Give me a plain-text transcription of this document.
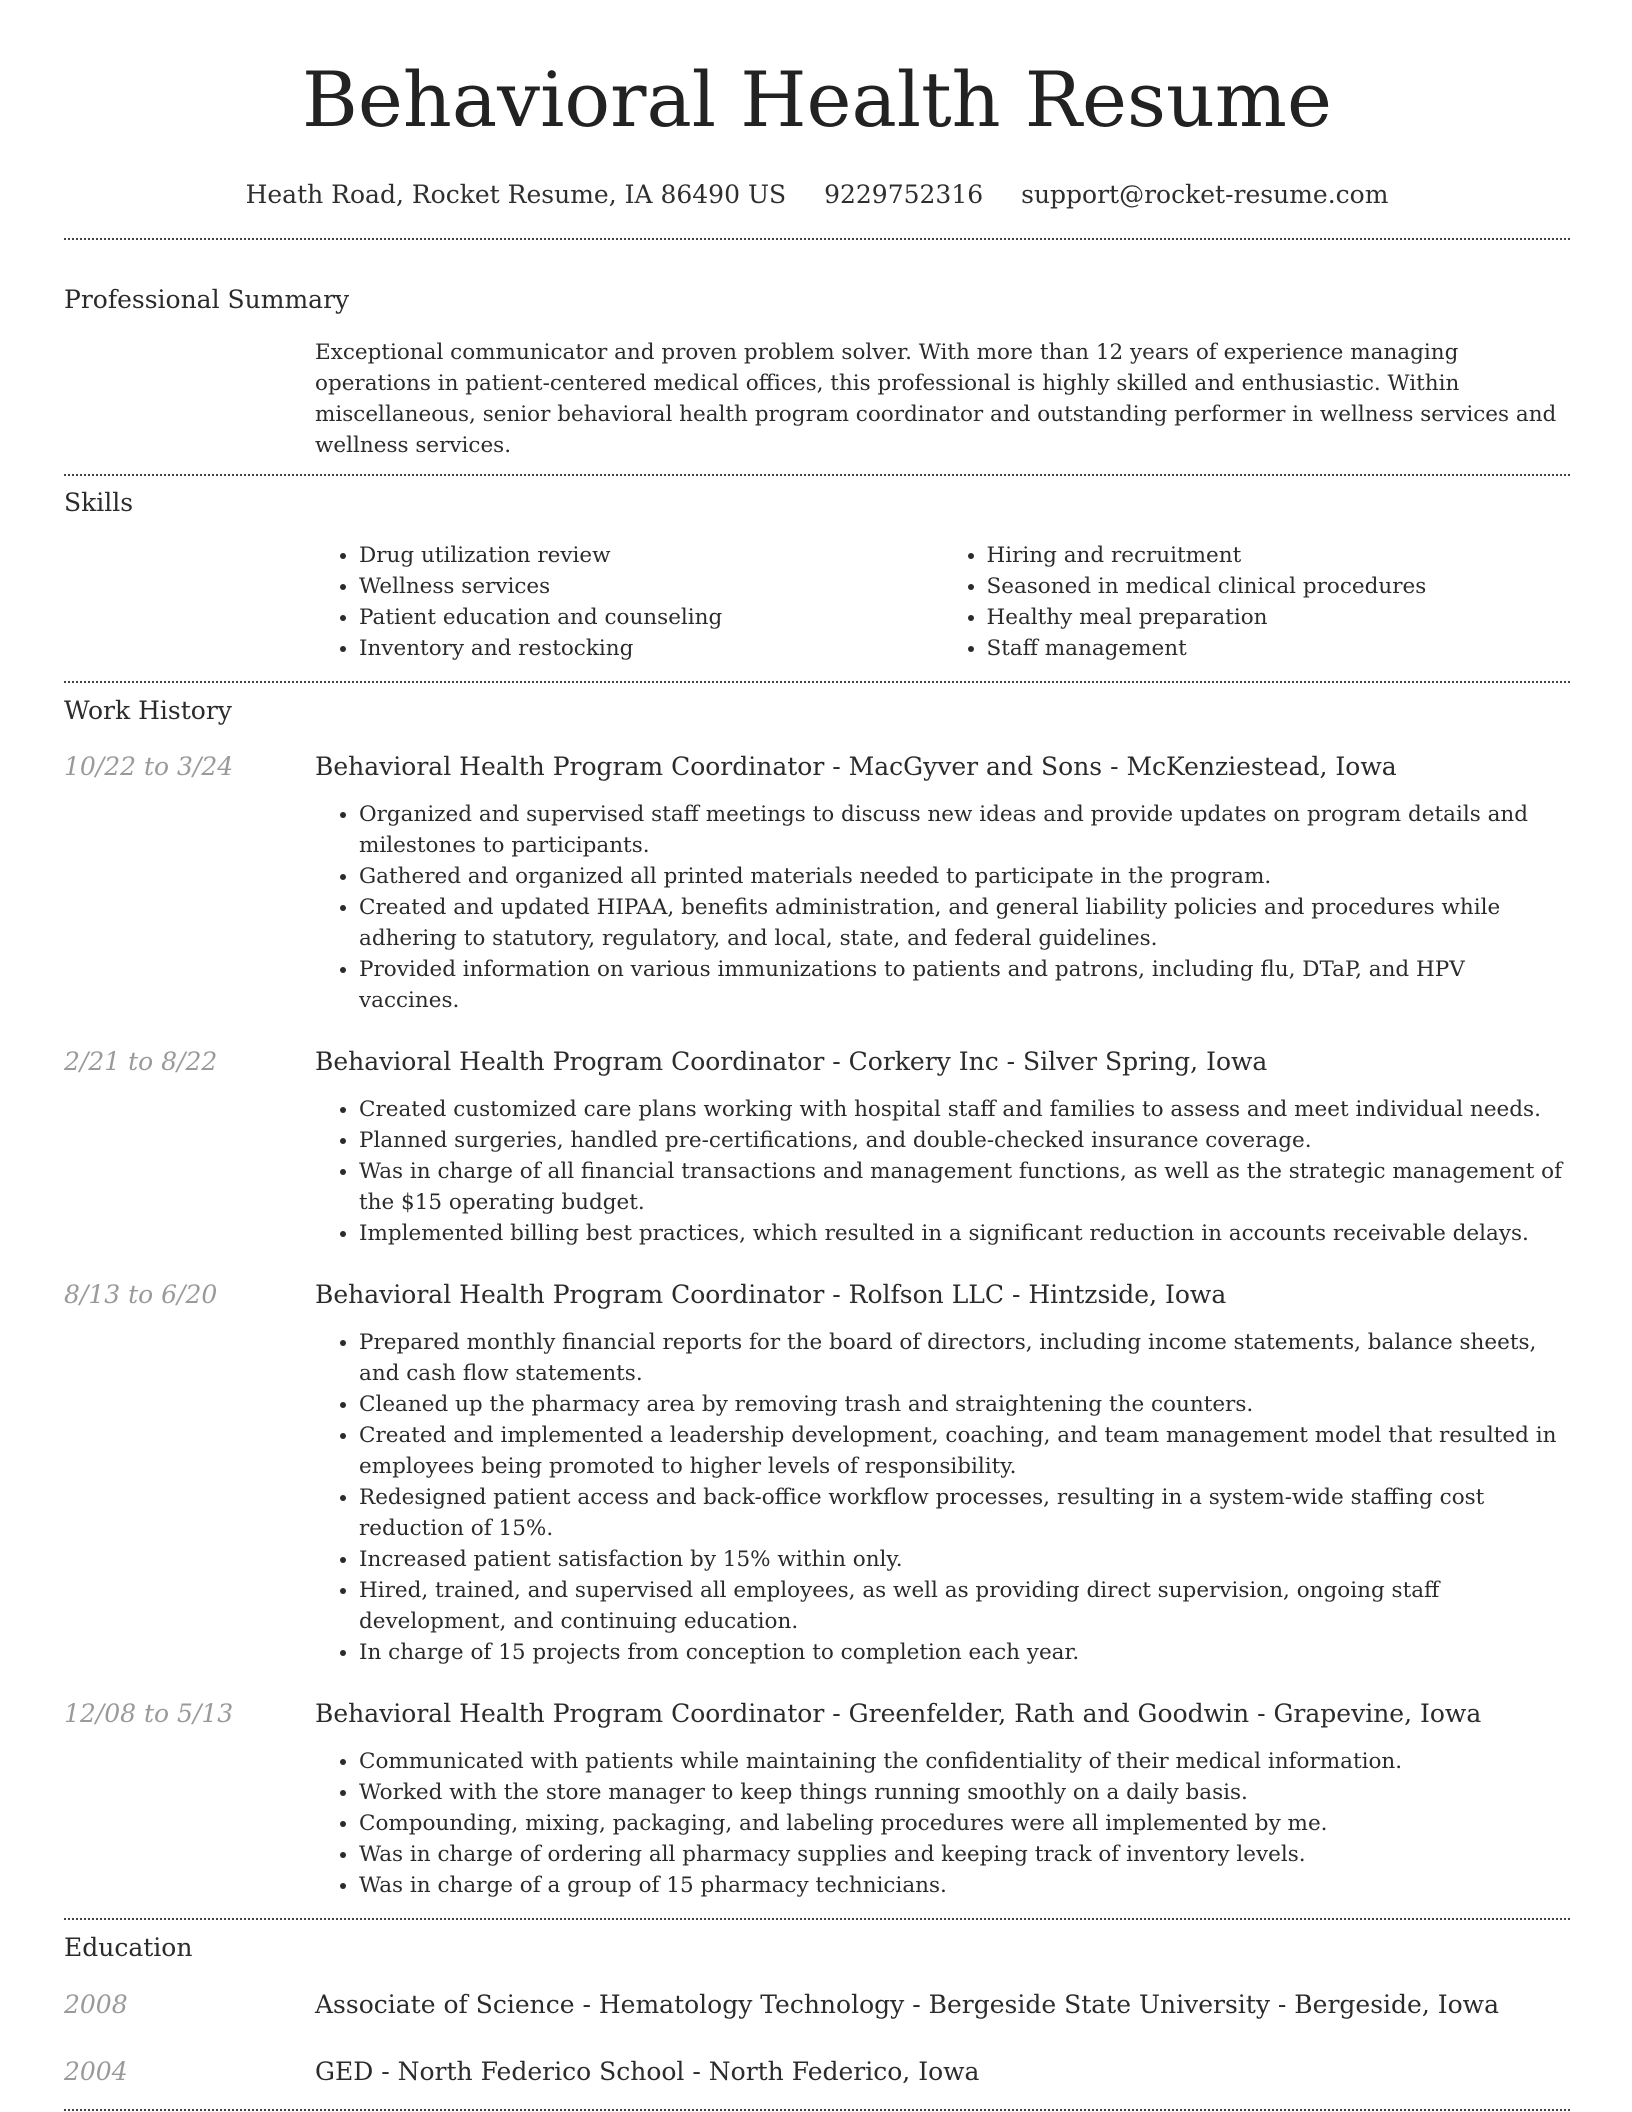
Behavioral Health Resume
Heath Road, Rocket Resume, IA 86490 US 9229752316 support@rocket-resume.com
Professional Summary
Exceptional communicator and proven problem solver. With more than 12 years of experience managing operations in patient-centered medical offices, this professional is highly skilled and enthusiastic. Within miscellaneous, senior behavioral health program coordinator and outstanding performer in wellness services and wellness services.
Skills
• Drug utilization review
• Wellness services
• Patient education and counseling
• Inventory and restocking
• Hiring and recruitment
• Seasoned in medical clinical procedures
• Healthy meal preparation
• Staff management
Work History
10/22 to 3/24	Behavioral Health Program Coordinator - MacGyver and Sons - McKenziestead, Iowa
• Organized and supervised staff meetings to discuss new ideas and provide updates on program details and milestones to participants.
• Gathered and organized all printed materials needed to participate in the program.
• Created and updated HIPAA, benefits administration, and general liability policies and procedures while adhering to statutory, regulatory, and local, state, and federal guidelines.
• Provided information on various immunizations to patients and patrons, including flu, DTaP, and HPV vaccines.
2/21 to 8/22	Behavioral Health Program Coordinator - Corkery Inc - Silver Spring, Iowa
• Created customized care plans working with hospital staff and families to assess and meet individual needs.
• Planned surgeries, handled pre-certifications, and double-checked insurance coverage.
• Was in charge of all financial transactions and management functions, as well as the strategic management of the $15 operating budget.
• Implemented billing best practices, which resulted in a significant reduction in accounts receivable delays.
8/13 to 6/20	Behavioral Health Program Coordinator - Rolfson LLC - Hintzside, Iowa
• Prepared monthly financial reports for the board of directors, including income statements, balance sheets, and cash flow statements.
• Cleaned up the pharmacy area by removing trash and straightening the counters.
• Created and implemented a leadership development, coaching, and team management model that resulted in employees being promoted to higher levels of responsibility.
• Redesigned patient access and back-office workflow processes, resulting in a system-wide staffing cost reduction of 15%.
• Increased patient satisfaction by 15% within only.
• Hired, trained, and supervised all employees, as well as providing direct supervision, ongoing staff development, and continuing education.
• In charge of 15 projects from conception to completion each year.
12/08 to 5/13	Behavioral Health Program Coordinator - Greenfelder, Rath and Goodwin - Grapevine, Iowa
• Communicated with patients while maintaining the confidentiality of their medical information.
• Worked with the store manager to keep things running smoothly on a daily basis.
• Compounding, mixing, packaging, and labeling procedures were all implemented by me.
• Was in charge of ordering all pharmacy supplies and keeping track of inventory levels.
• Was in charge of a group of 15 pharmacy technicians.
Education
2008	Associate of Science - Hematology Technology - Bergeside State University - Bergeside, Iowa
2004	GED - North Federico School - North Federico, Iowa
